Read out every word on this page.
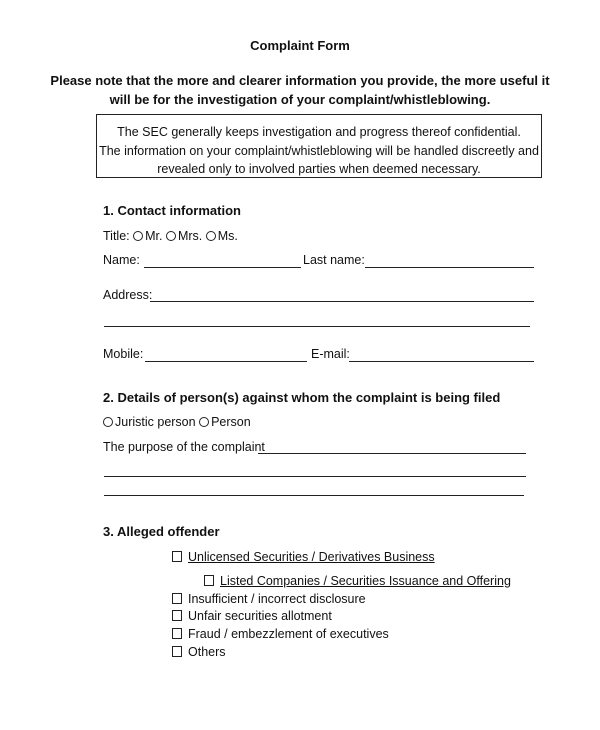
Complaint Form
Please note that the more and clearer information you provide, the more useful it
will be for the investigation of your complaint/whistleblowing.
The SEC generally keeps investigation and progress thereof confidential.
The information on your complaint/whistleblowing will be handled discreetly and
revealed only to involved parties when deemed necessary.
1. Contact information
Title: Mr. Mrs. Ms.
Name:	Last name:
Address:
Mobile:	E-mail:
2. Details of person(s) against whom the complaint is being filed
Juristic person Person
The purpose of the complaint
3. Alleged offender
Unlicensed Securities / Derivatives Business
Listed Companies / Securities Issuance and Offering
Insufficient / incorrect disclosure
Unfair securities allotment
Fraud / embezzlement of executives
Others
